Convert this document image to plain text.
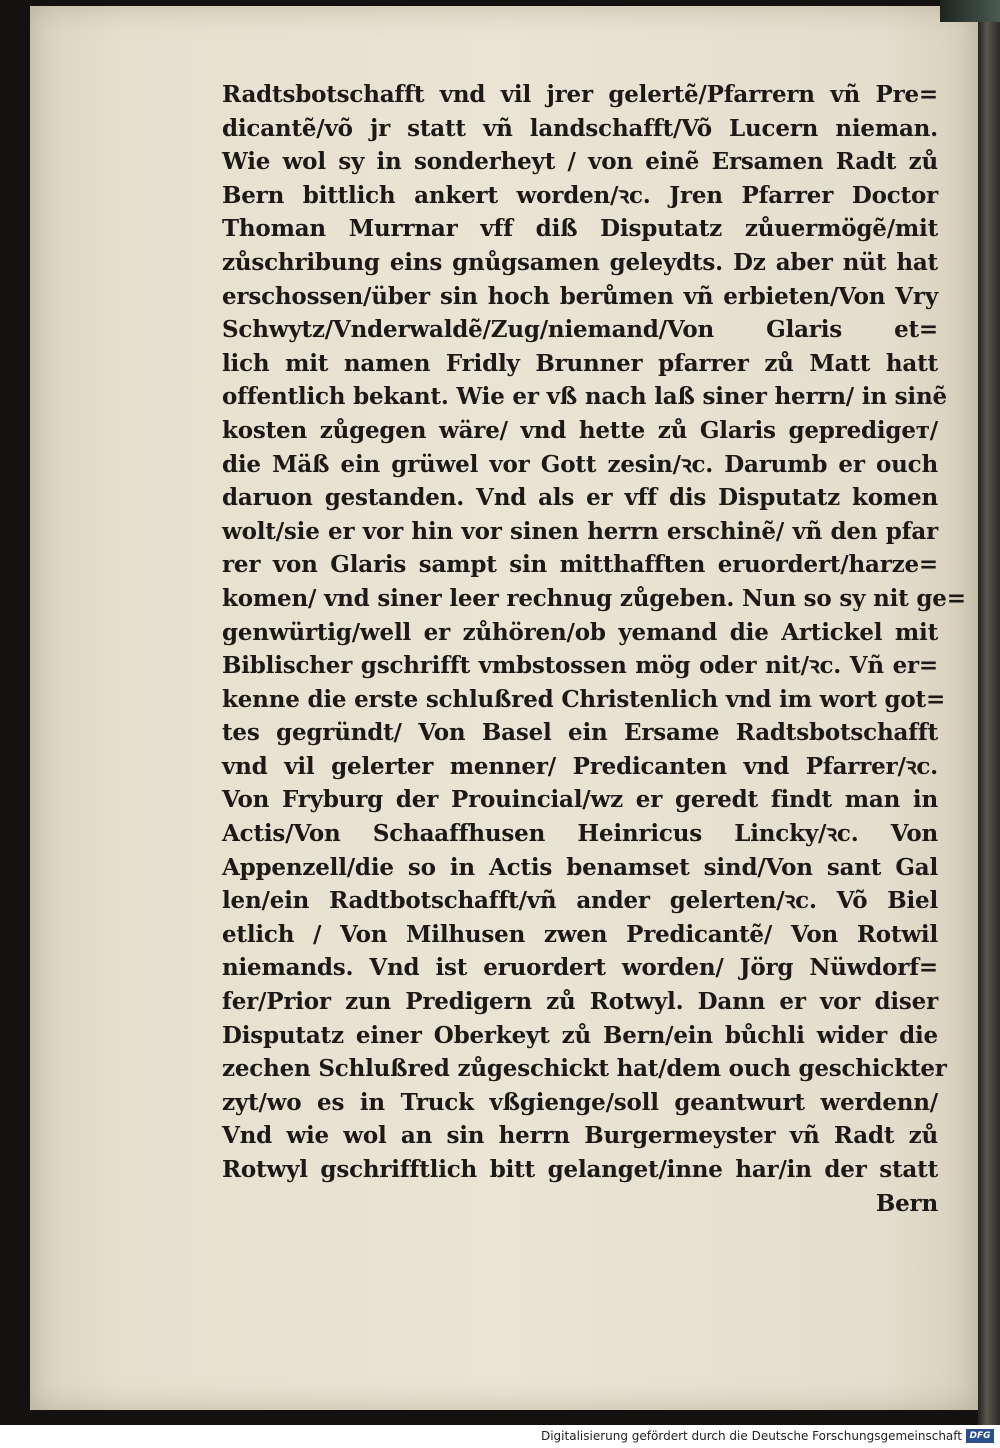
Radtsbotschafft vnd vil jrer gelertẽ/Pfarrern vñ Pre=
dicantẽ/võ jr statt vñ landschafft/Võ Lucern nieman.
Wie wol sy in sonderheyt / von einẽ Ersamen Radt zů
Bern bittlich ankert worden/ꝛc. Jren Pfarrer Doctor
Thoman Murrnar vff diß Disputatz zůuermögẽ/mit
zůschribung eins gnůgsamen geleydts. Dz aber nüt hat
erschossen/über sin hoch berůmen vñ erbieten/Von Vry
Schwytz/Vnderwaldẽ/Zug/niemand/Von Glaris et=
lich mit namen Fridly Brunner pfarrer zů Matt hatt
offentlich bekant. Wie er vß nach laß siner herrn/ in sinẽ
kosten zůgegen wäre/ vnd hette zů Glaris gepredigет/
die Mäß ein grüwel vor Gott zesin/ꝛc. Darumb er ouch
daruon gestanden. Vnd als er vff dis Disputatz komen
wolt/sie er vor hin vor sinen herrn erschinẽ/ vñ den pfar
rer von Glaris sampt sin mitthafften eruordert/harze=
komen/ vnd siner leer rechnug zůgeben. Nun so sy nit ge=
genwürtig/well er zůhören/ob yemand die Artickel mit
Biblischer gschrifft vmbstossen mög oder nit/ꝛc. Vñ er=
kenne die erste schlußred Christenlich vnd im wort got=
tes gegründt/ Von Basel ein Ersame Radtsbotschafft
vnd vil gelerter menner/ Predicanten vnd Pfarrer/ꝛc.
Von Fryburg der Prouincial/wz er geredt findt man in
Actis/Von Schaaffhusen Heinricus Lincky/ꝛc. Von
Appenzell/die so in Actis benamset sind/Von sant Gal
len/ein Radtbotschafft/vñ ander gelerten/ꝛc. Võ Biel
etlich / Von Milhusen zwen Predicantẽ/ Von Rotwil
niemands. Vnd ist eruordert worden/ Jörg Nüwdorf=
fer/Prior zun Predigern zů Rotwyl. Dann er vor diser
Disputatz einer Oberkeyt zů Bern/ein bůchli wider die
zechen Schlußred zůgeschickt hat/dem ouch geschickter
zyt/wo es in Truck vßgienge/soll geantwurt werdenn/
Vnd wie wol an sin herrn Burgermeyster vñ Radt zů
Rotwyl gschrifftlich bitt gelanget/inne har/in der statt
Bern
Digitalisierung gefördert durch die Deutsche Forschungsgemeinschaft DFG
